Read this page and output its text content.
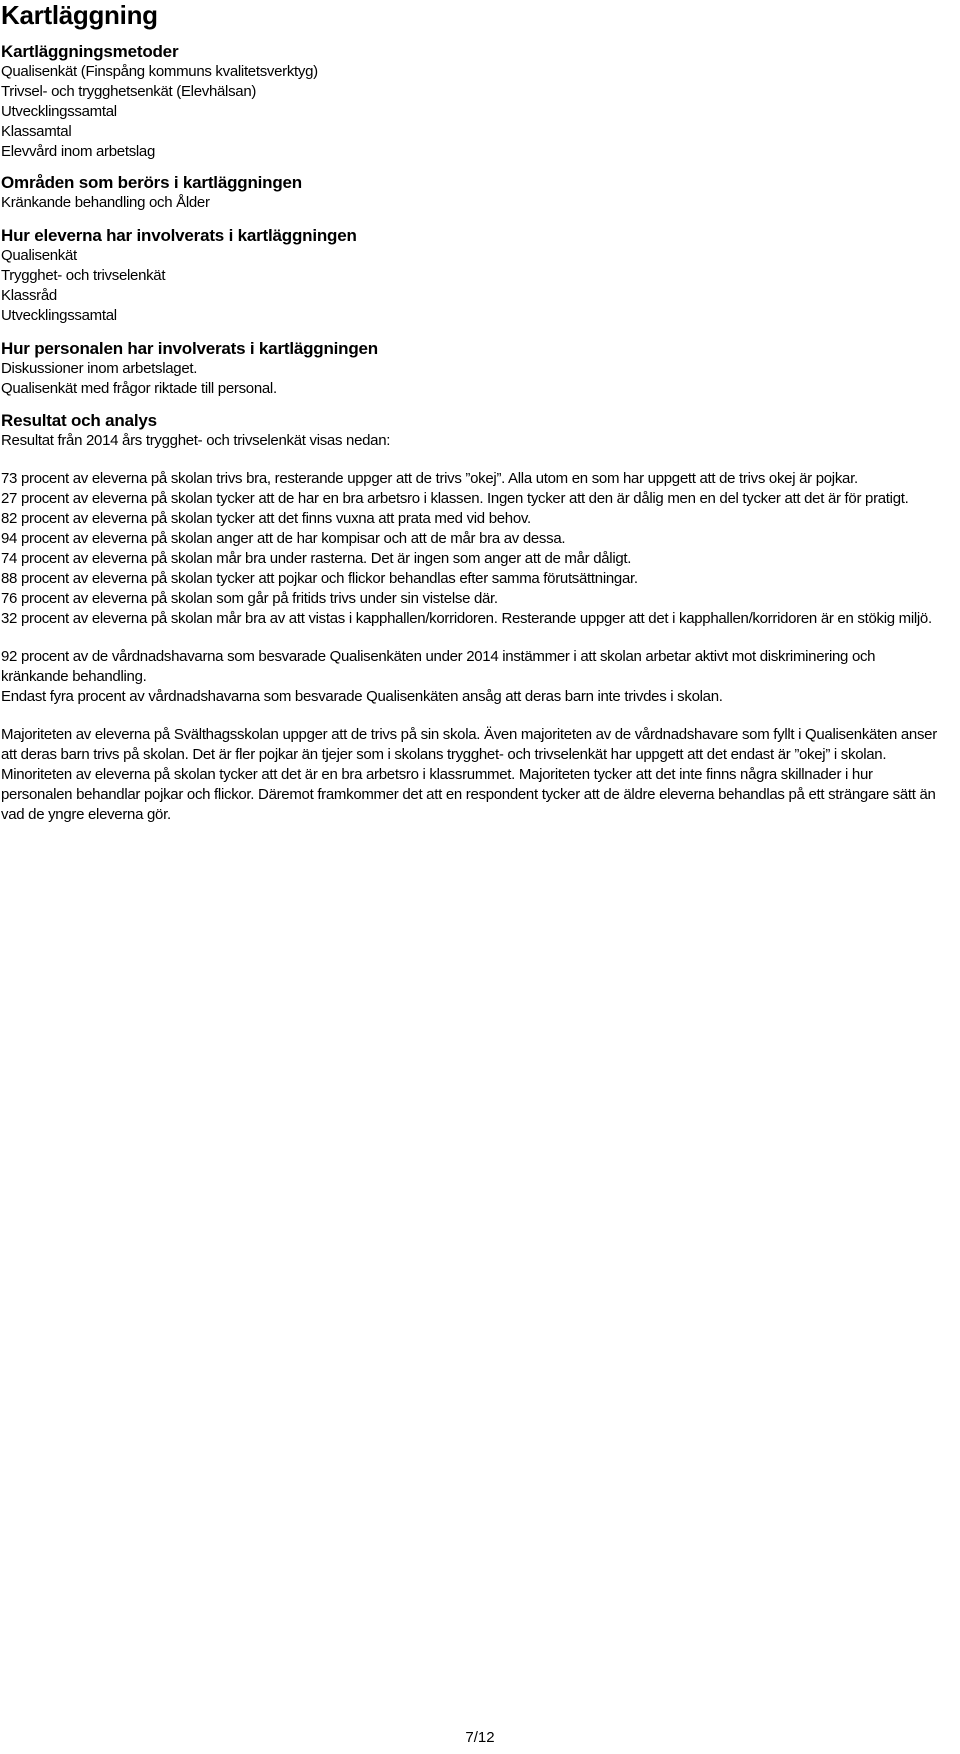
Kartläggning
Kartläggningsmetoder

Qualisenkät (Finspång kommuns kvalitetsverktyg)

Trivsel- och trygghetsenkät (Elevhälsan)

Utvecklingssamtal

Klassamtal

Elevvård inom arbetslag

Områden som berörs i kartläggningen

Kränkande behandling och Ålder

Hur eleverna har involverats i kartläggningen

Qualisenkät

Trygghet- och trivselenkät

Klassråd

Utvecklingssamtal

Hur personalen har involverats i kartläggningen

Diskussioner inom arbetslaget.

Qualisenkät med frågor riktade till personal.

Resultat och analys

Resultat från 2014 års trygghet- och trivselenkät visas nedan:

73 procent av eleverna på skolan trivs bra, resterande uppger att de trivs ”okej”. Alla utom en som har uppgett att de trivs okej är pojkar.

27 procent av eleverna på skolan tycker att de har en bra arbetsro i klassen. Ingen tycker att den är dålig men en del tycker att det är för pratigt.

82 procent av eleverna på skolan tycker att det finns vuxna att prata med vid behov.

94 procent av eleverna på skolan anger att de har kompisar och att de mår bra av dessa.

74 procent av eleverna på skolan mår bra under rasterna. Det är ingen som anger att de mår dåligt.

88 procent av eleverna på skolan tycker att pojkar och flickor behandlas efter samma förutsättningar.

76 procent av eleverna på skolan som går på fritids trivs under sin vistelse där.

32 procent av eleverna på skolan mår bra av att vistas i kapphallen/korridoren. Resterande uppger att det i kapphallen/korridoren är en stökig miljö.

92 procent av de vårdnadshavarna som besvarade Qualisenkäten under 2014 instämmer i att skolan arbetar aktivt mot diskriminering och kränkande behandling.

Endast fyra procent av vårdnadshavarna som besvarade Qualisenkäten ansåg att deras barn inte trivdes i skolan.

Majoriteten av eleverna på Svälthagsskolan uppger att de trivs på sin skola. Även majoriteten av de vårdnadshavare som fyllt i Qualisenkäten anser att deras barn trivs på skolan. Det är fler pojkar än tjejer som i skolans trygghet- och trivselenkät har uppgett att det endast är ”okej” i skolan. Minoriteten av eleverna på skolan tycker att det är en bra arbetsro i klassrummet. Majoriteten tycker att det inte finns några skillnader i hur personalen behandlar pojkar och flickor. Däremot framkommer det att en respondent tycker att de äldre eleverna behandlas på ett strängare sätt än vad de yngre eleverna gör.

7/12
